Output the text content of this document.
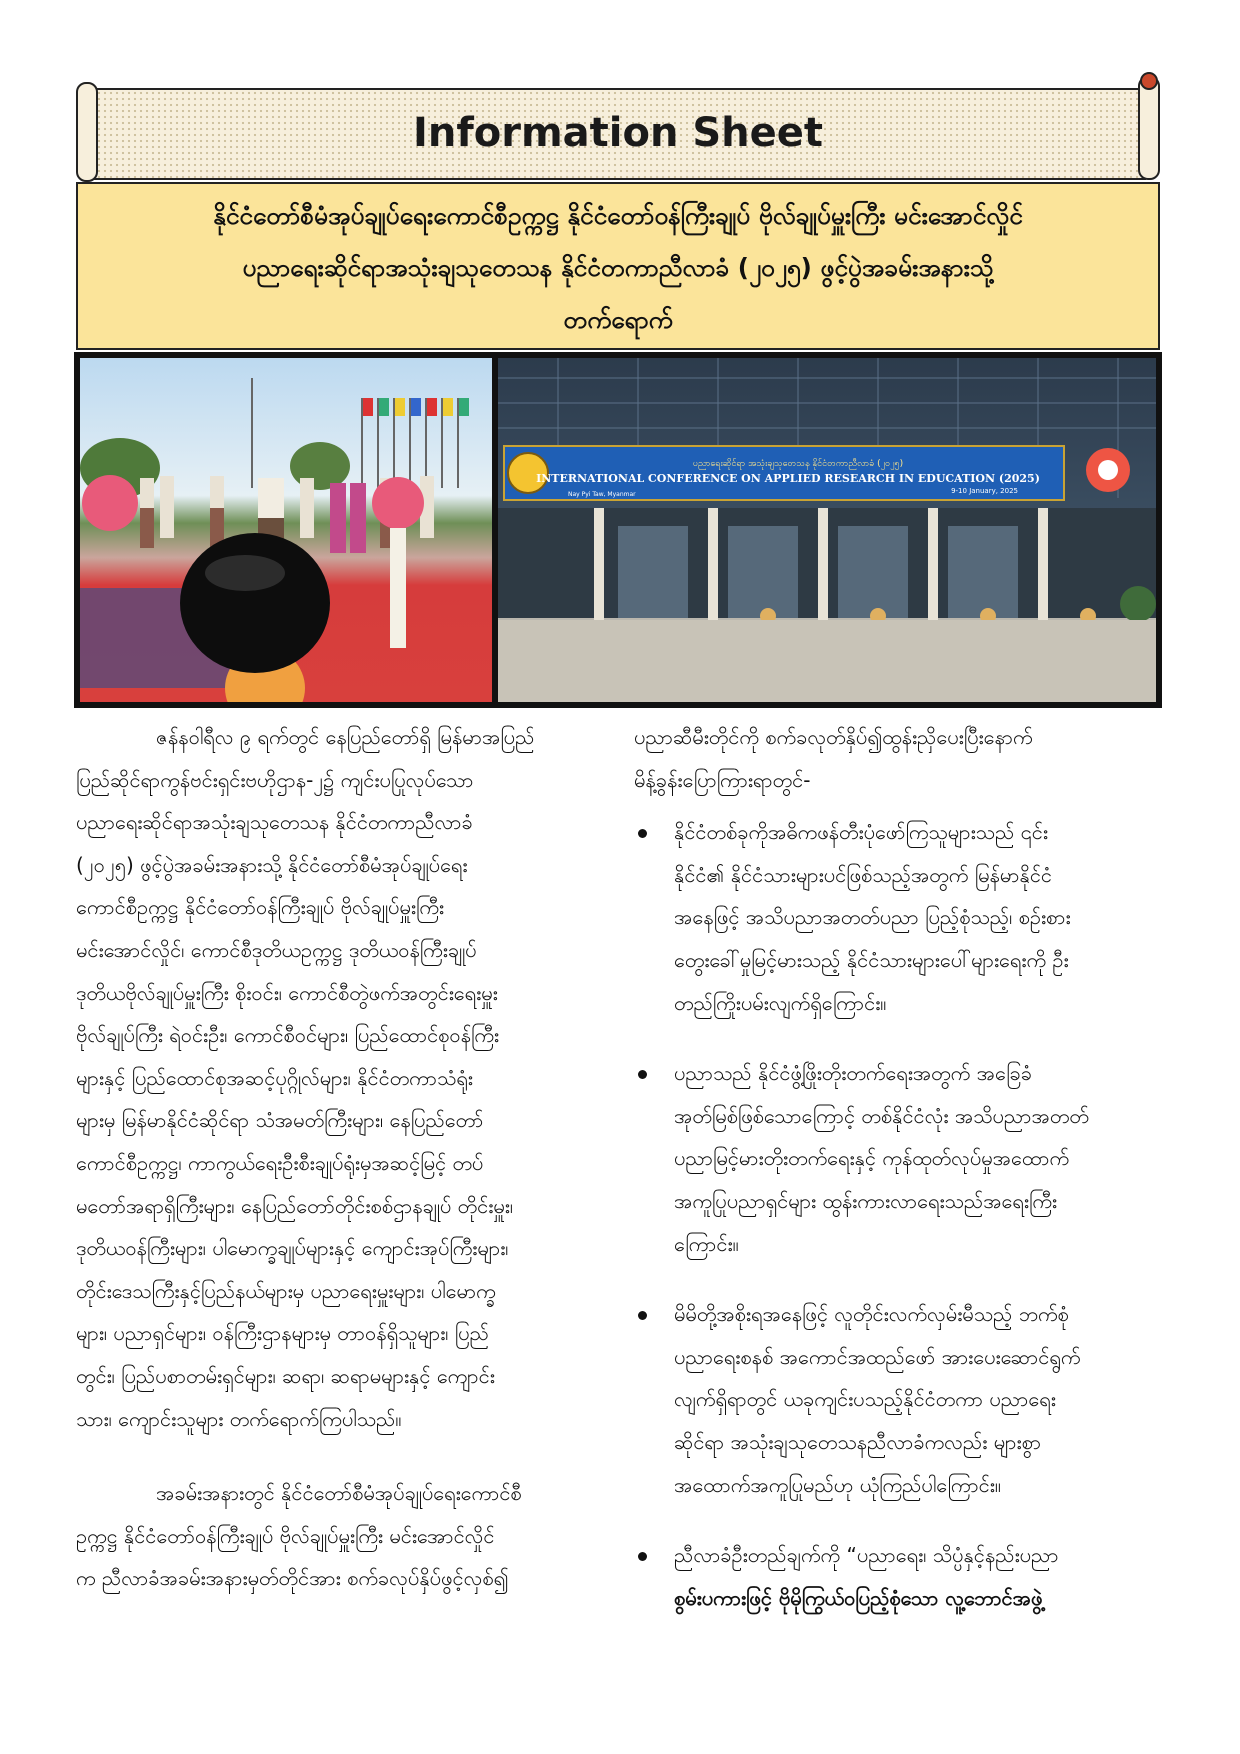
Information Sheet
နိုင်ငံတော်စီမံအုပ်ချုပ်ရေးကောင်စီဥက္ကဋ္ဌ နိုင်ငံတော်ဝန်ကြီးချုပ် ဗိုလ်ချုပ်မှူးကြီး မင်းအောင်လှိုင်
ပညာရေးဆိုင်ရာအသုံးချသုတေသန နိုင်ငံတကာညီလာခံ (၂၀၂၅) ဖွင့်ပွဲအခမ်းအနားသို့
တက်ရောက်
ပညာရေးဆိုင်ရာ အသုံးချသုတေသန နိုင်ငံတကာညီလာခံ (၂၀၂၅)
INTERNATIONAL CONFERENCE ON APPLIED RESEARCH IN EDUCATION (2025)
Nay Pyi Taw, Myanmar	9-10 January, 2025
ဇန်နဝါရီလ ၉ ရက်တွင် နေပြည်တော်ရှိ မြန်မာအပြည်
ပြည်ဆိုင်ရာကွန်ဗင်းရှင်းဗဟိုဌာန-၂၌ ကျင်းပပြုလုပ်သော
ပညာရေးဆိုင်ရာအသုံးချသုတေသန နိုင်ငံတကာညီလာခံ
(၂၀၂၅) ဖွင့်ပွဲအခမ်းအနားသို့ နိုင်ငံတော်စီမံအုပ်ချုပ်ရေး
ကောင်စီဥက္ကဋ္ဌ နိုင်ငံတော်ဝန်ကြီးချုပ် ဗိုလ်ချုပ်မှူးကြီး
မင်းအောင်လှိုင်၊ ကောင်စီဒုတိယဥက္ကဋ္ဌ ဒုတိယဝန်ကြီးချုပ်
ဒုတိယဗိုလ်ချုပ်မှူးကြီး စိုးဝင်း၊ ကောင်စီတွဲဖက်အတွင်းရေးမှူး
ဗိုလ်ချုပ်ကြီး ရဲဝင်းဦး၊ ကောင်စီဝင်များ၊ ပြည်ထောင်စုဝန်ကြီး
များနှင့် ပြည်ထောင်စုအဆင့်ပုဂ္ဂိုလ်များ၊ နိုင်ငံတကာသံရုံး
များမှ မြန်မာနိုင်ငံဆိုင်ရာ သံအမတ်ကြီးများ၊ နေပြည်တော်
ကောင်စီဥက္ကဋ္ဌ၊ ကာကွယ်ရေးဦးစီးချုပ်ရုံးမှအဆင့်မြင့် တပ်
မတော်အရာရှိကြီးများ၊ နေပြည်တော်တိုင်းစစ်ဌာနချုပ် တိုင်းမှူး၊
ဒုတိယဝန်ကြီးများ၊ ပါမောက္ခချုပ်များနှင့် ကျောင်းအုပ်ကြီးများ၊
တိုင်းဒေသကြီးနှင့်ပြည်နယ်များမှ ပညာရေးမှူးများ၊ ပါမောက္ခ
များ၊ ပညာရှင်များ၊ ဝန်ကြီးဌာနများမှ တာဝန်ရှိသူများ၊ ပြည်
တွင်း၊ ပြည်ပစာတမ်းရှင်များ၊ ဆရာ၊ ဆရာမများနှင့် ကျောင်း
သား၊ ကျောင်းသူများ တက်ရောက်ကြပါသည်။
အခမ်းအနားတွင် နိုင်ငံတော်စီမံအုပ်ချုပ်ရေးကောင်စီ
ဥက္ကဋ္ဌ နိုင်ငံတော်ဝန်ကြီးချုပ် ဗိုလ်ချုပ်မှူးကြီး မင်းအောင်လှိုင်
က ညီလာခံအခမ်းအနားမှတ်တိုင်အား စက်ခလုပ်နှိပ်ဖွင့်လှစ်၍
ပညာဆီမီးတိုင်ကို စက်ခလုတ်နှိပ်၍ထွန်းညှိပေးပြီးနောက်
မိန့်ခွန်းပြောကြားရာတွင်-
နိုင်ငံတစ်ခုကိုအဓိကဖန်တီးပုံဖော်ကြသူများသည် ၎င်း
နိုင်ငံ၏ နိုင်ငံသားများပင်ဖြစ်သည့်အတွက် မြန်မာနိုင်ငံ
အနေဖြင့် အသိပညာအတတ်ပညာ ပြည့်စုံသည့်၊ စဉ်းစား
တွေးခေါ်မှုမြင့်မားသည့် နိုင်ငံသားများပေါ်များရေးကို ဦး
တည်ကြိုးပမ်းလျက်ရှိကြောင်း။
ပညာသည် နိုင်ငံဖွံ့ဖြိုးတိုးတက်ရေးအတွက် အခြေခံ
အုတ်မြစ်ဖြစ်သောကြောင့် တစ်နိုင်ငံလုံး အသိပညာအတတ်
ပညာမြင့်မားတိုးတက်ရေးနှင့် ကုန်ထုတ်လုပ်မှုအထောက်
အကူပြုပညာရှင်များ ထွန်းကားလာရေးသည်အရေးကြီး
ကြောင်း။
မိမိတို့အစိုးရအနေဖြင့် လူတိုင်းလက်လှမ်းမီသည့် ဘက်စုံ
ပညာရေးစနစ် အကောင်အထည်ဖော် အားပေးဆောင်ရွက်
လျက်ရှိရာတွင် ယခုကျင်းပသည့်နိုင်ငံတကာ ပညာရေး
ဆိုင်ရာ အသုံးချသုတေသနညီလာခံကလည်း များစွာ
အထောက်အကူပြုမည်ဟု ယုံကြည်ပါကြောင်း။
ညီလာခံဦးတည်ချက်ကို “ပညာရေး၊ သိပ္ပံနှင့်နည်းပညာ
စွမ်းပကားဖြင့် ဗိုမိုကြွယ်ဝပြည့်စုံသော လူ့ဘောင်အဖွဲ့
